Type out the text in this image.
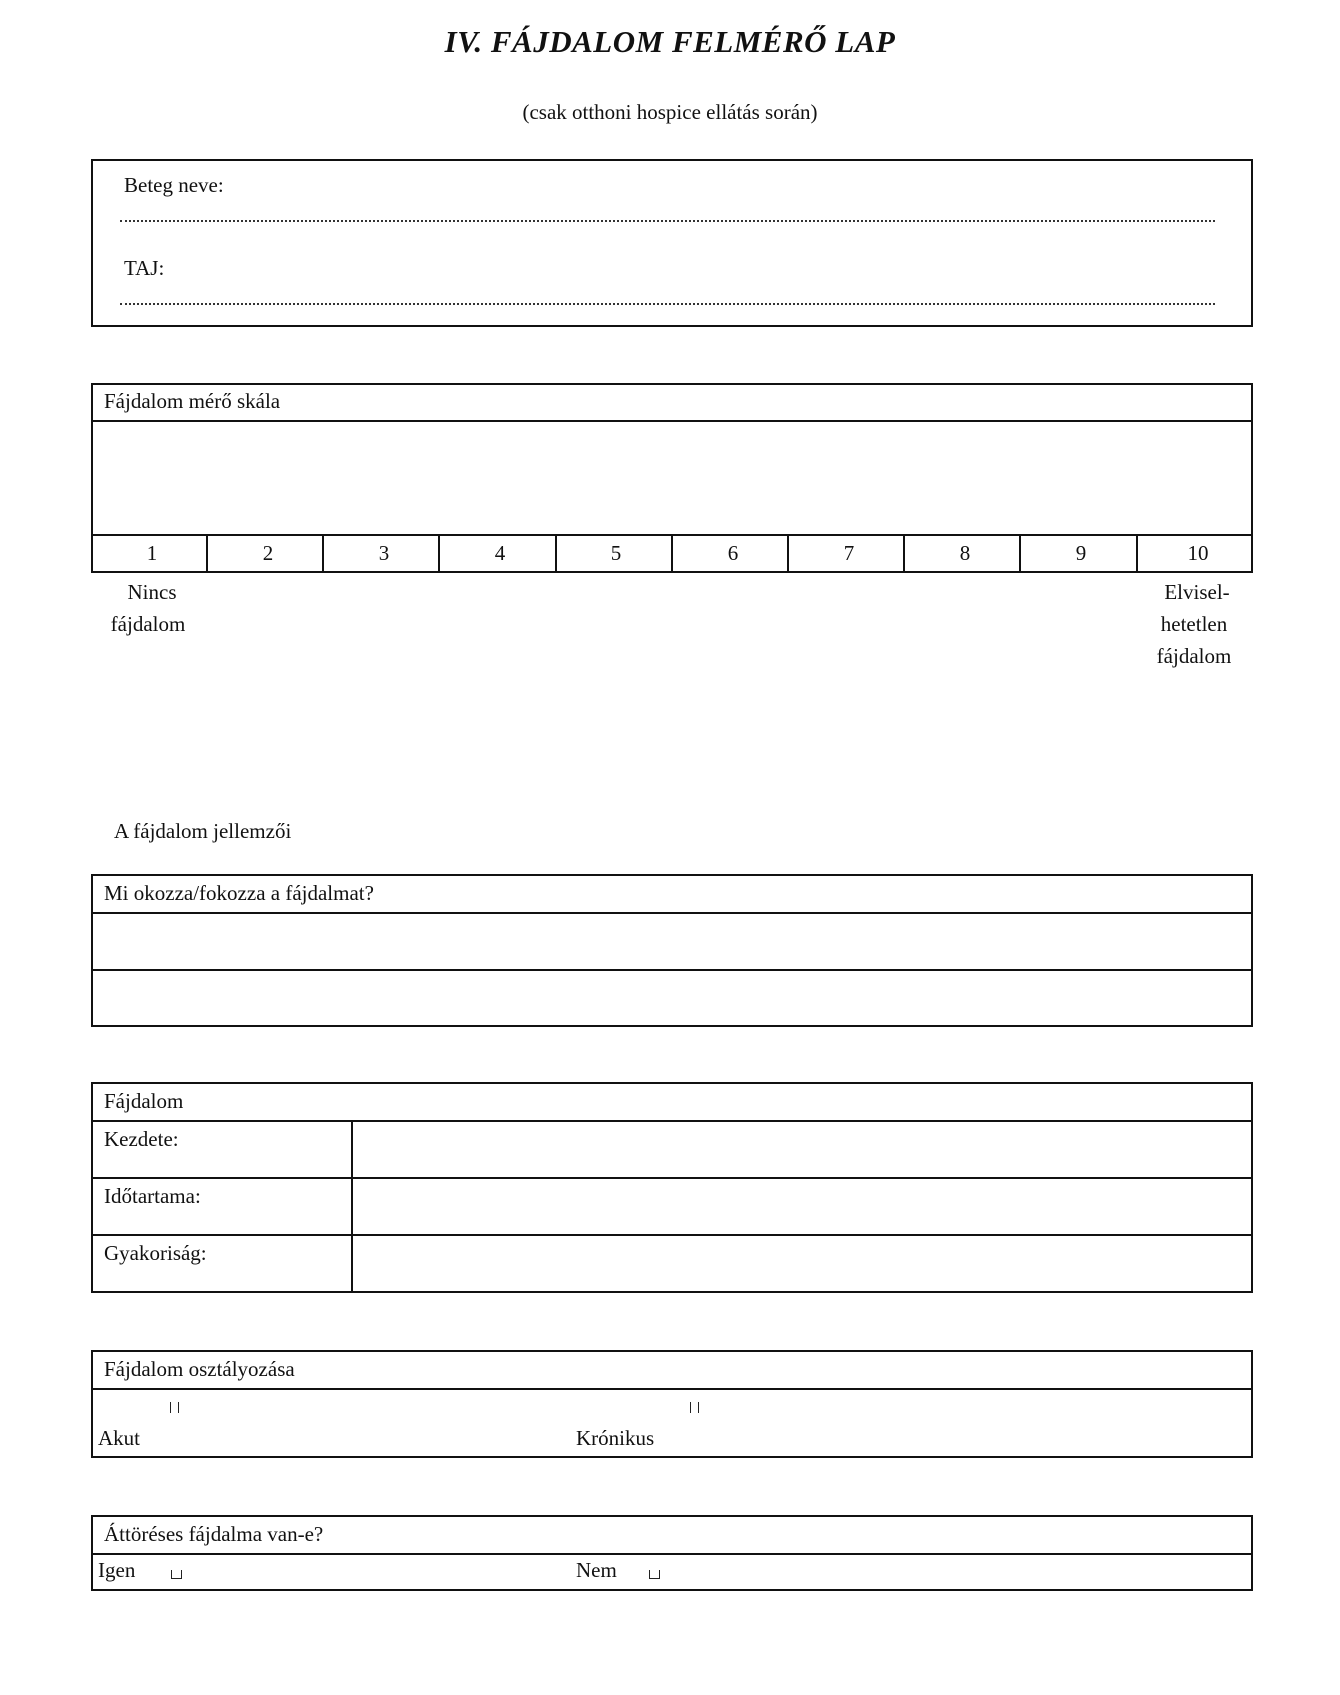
IV. FÁJDALOM FELMÉRŐ LAP
(csak otthoni hospice ellátás során)
Beteg neve:
TAJ:
Fájdalom mérő skála
1	2	3	4	5	6	7	8	9	10
Nincs
fájdalom
Elvisel-
hetetlen
fájdalom
A fájdalom jellemzői
Mi okozza/fokozza a fájdalmat?
Fájdalom
Kezdete:
Időtartama:
Gyakoriság:
Fájdalom osztályozása
Akut	Krónikus
Áttöréses fájdalma van-e?
Igen	Nem
